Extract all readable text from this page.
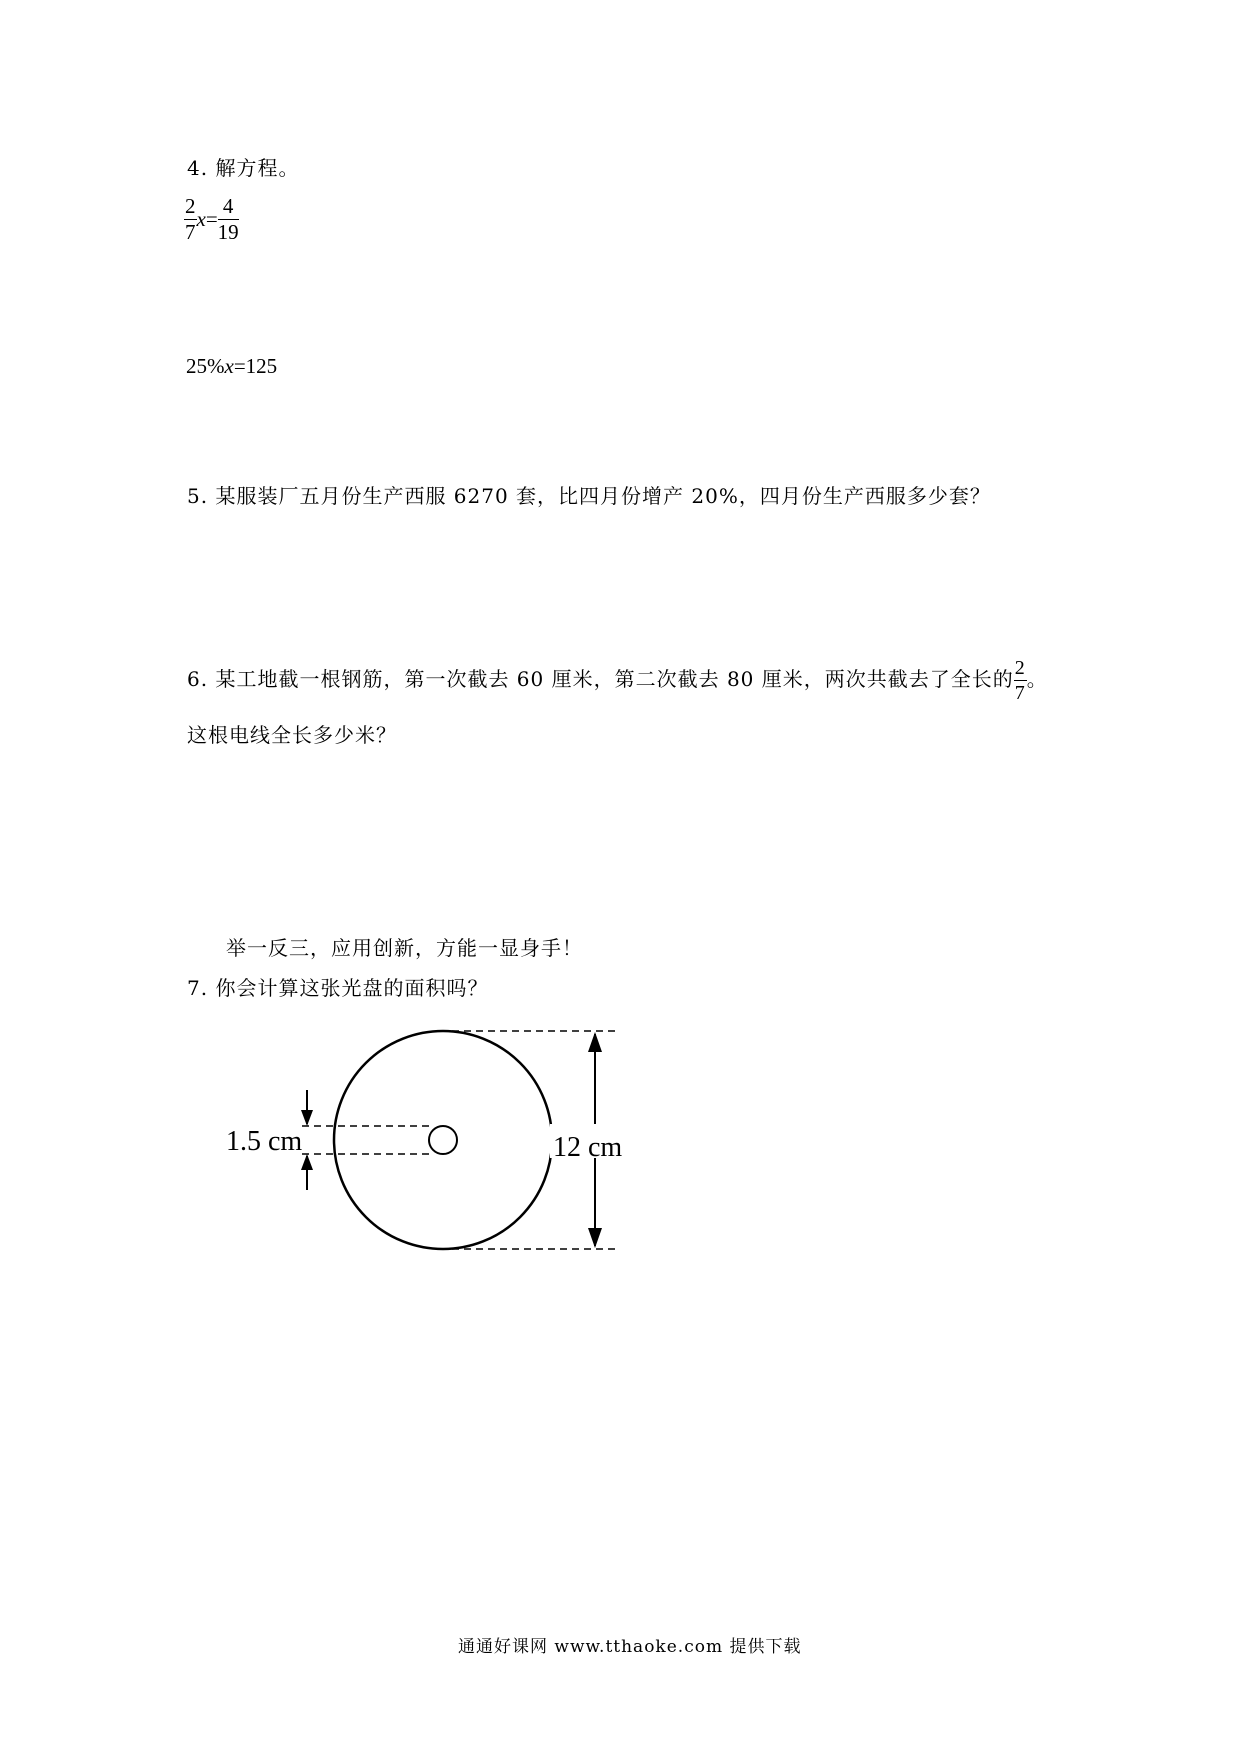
4. 解方程。
$\frac{2}{7} x= \frac{4}{19}$
25%x=125
5. 某服装厂五月份生产西服 6270 套，比四月份增产 20%，四月份生产西服多少套？
6. 某工地截一根钢筋，第一次截去 60 厘米，第二次截去 80 厘米，两次共截去了全长的 $\frac{2}{7}$ 。
这根电线全长多少米？
举一反三，应用创新，方能一显身手！
7. 你会计算这张光盘的面积吗？
12 cm
1.5 cm
通通好课网 www.tthaoke.com 提供下载
